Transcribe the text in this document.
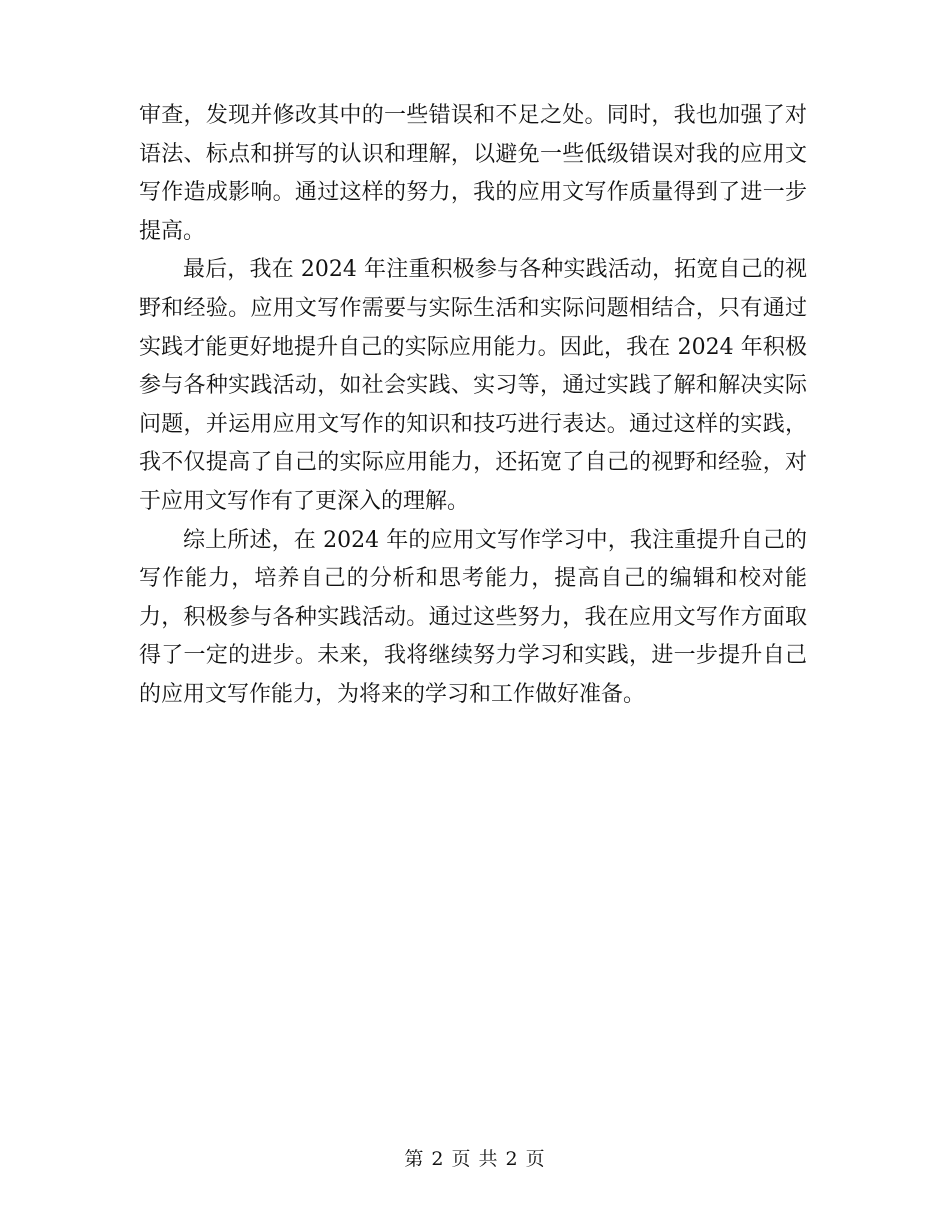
审查，发现并修改其中的一些错误和不足之处。同时，我也加强了对语法、标点和拼写的认识和理解，以避免一些低级错误对我的应用文写作造成影响。通过这样的努力，我的应用文写作质量得到了进一步提高。

最后，我在 2024 年注重积极参与各种实践活动，拓宽自己的视野和经验。应用文写作需要与实际生活和实际问题相结合，只有通过实践才能更好地提升自己的实际应用能力。因此，我在 2024 年积极参与各种实践活动，如社会实践、实习等，通过实践了解和解决实际问题，并运用应用文写作的知识和技巧进行表达。通过这样的实践，我不仅提高了自己的实际应用能力，还拓宽了自己的视野和经验，对于应用文写作有了更深入的理解。

综上所述，在 2024 年的应用文写作学习中，我注重提升自己的写作能力，培养自己的分析和思考能力，提高自己的编辑和校对能力，积极参与各种实践活动。通过这些努力，我在应用文写作方面取得了一定的进步。未来，我将继续努力学习和实践，进一步提升自己的应用文写作能力，为将来的学习和工作做好准备。

第 2 页 共 2 页
